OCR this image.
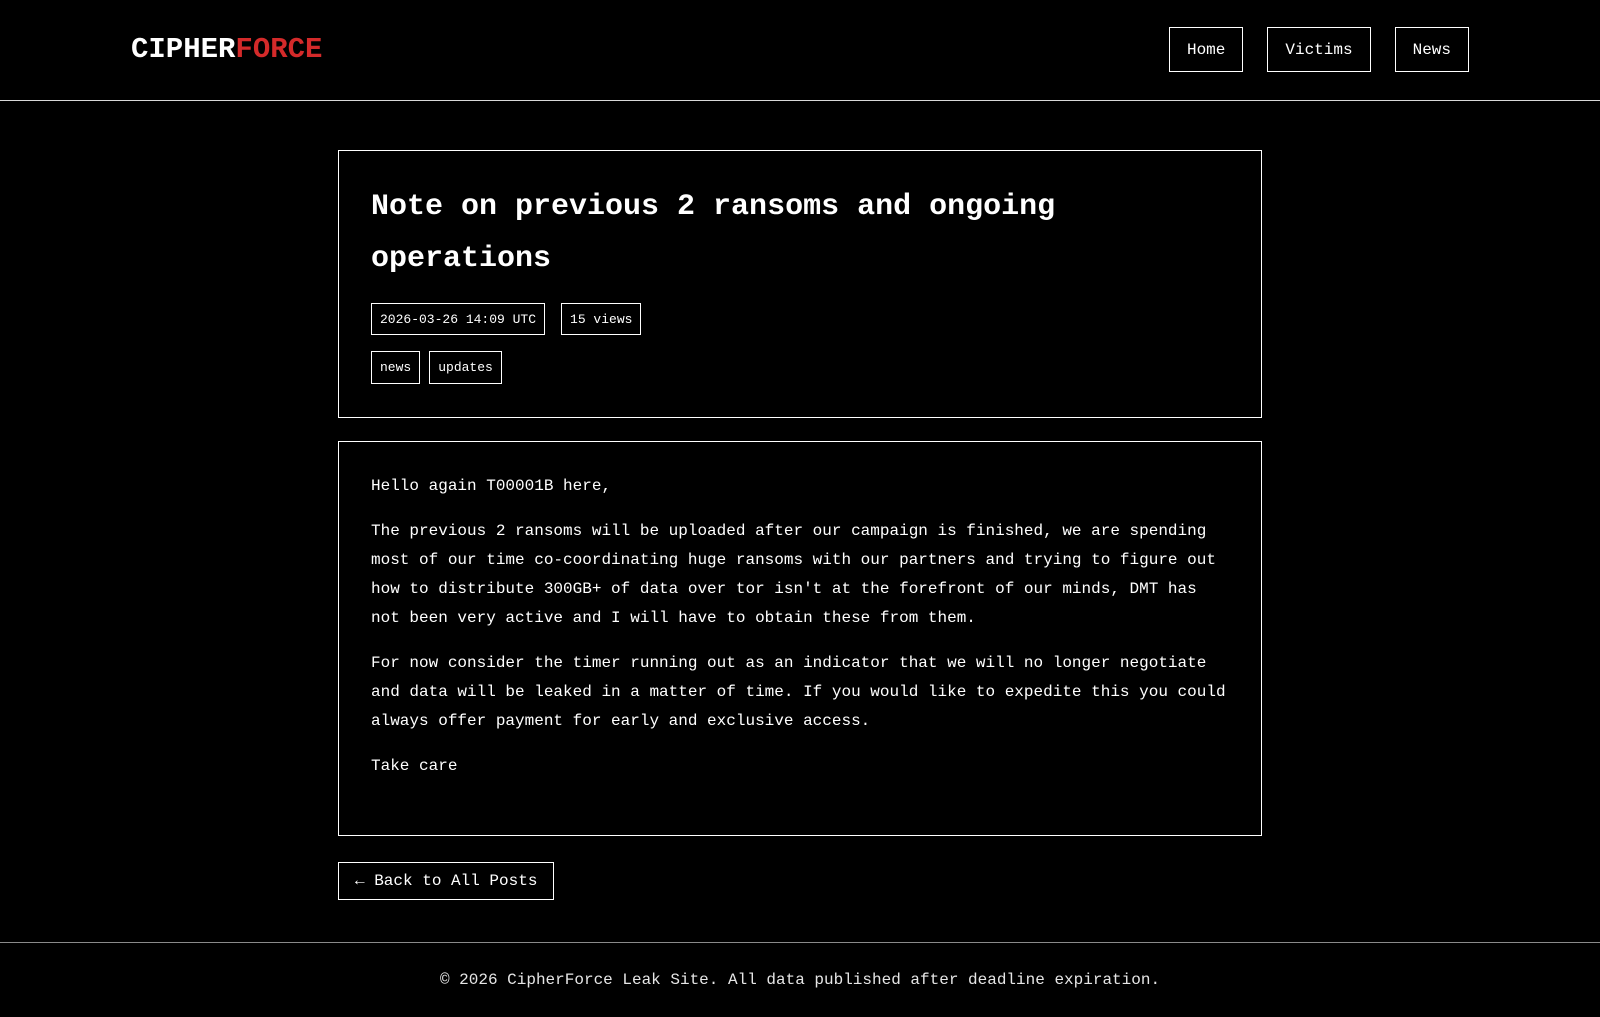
CIPHERFORCE	Home	Victims	News
Note on previous 2 ransoms and ongoing operations
2026-03-26 14:09 UTC	15 views
news	updates

Hello again T00001B here,

The previous 2 ransoms will be uploaded after our campaign is finished, we are spending most of our time co-coordinating huge ransoms with our partners and trying to figure out how to distribute 300GB+ of data over tor isn't at the forefront of our minds, DMT has not been very active and I will have to obtain these from them.

For now consider the timer running out as an indicator that we will no longer negotiate and data will be leaked in a matter of time. If you would like to expedite this you could always offer payment for early and exclusive access.

Take care

← Back to All Posts
© 2026 CipherForce Leak Site. All data published after deadline expiration.
